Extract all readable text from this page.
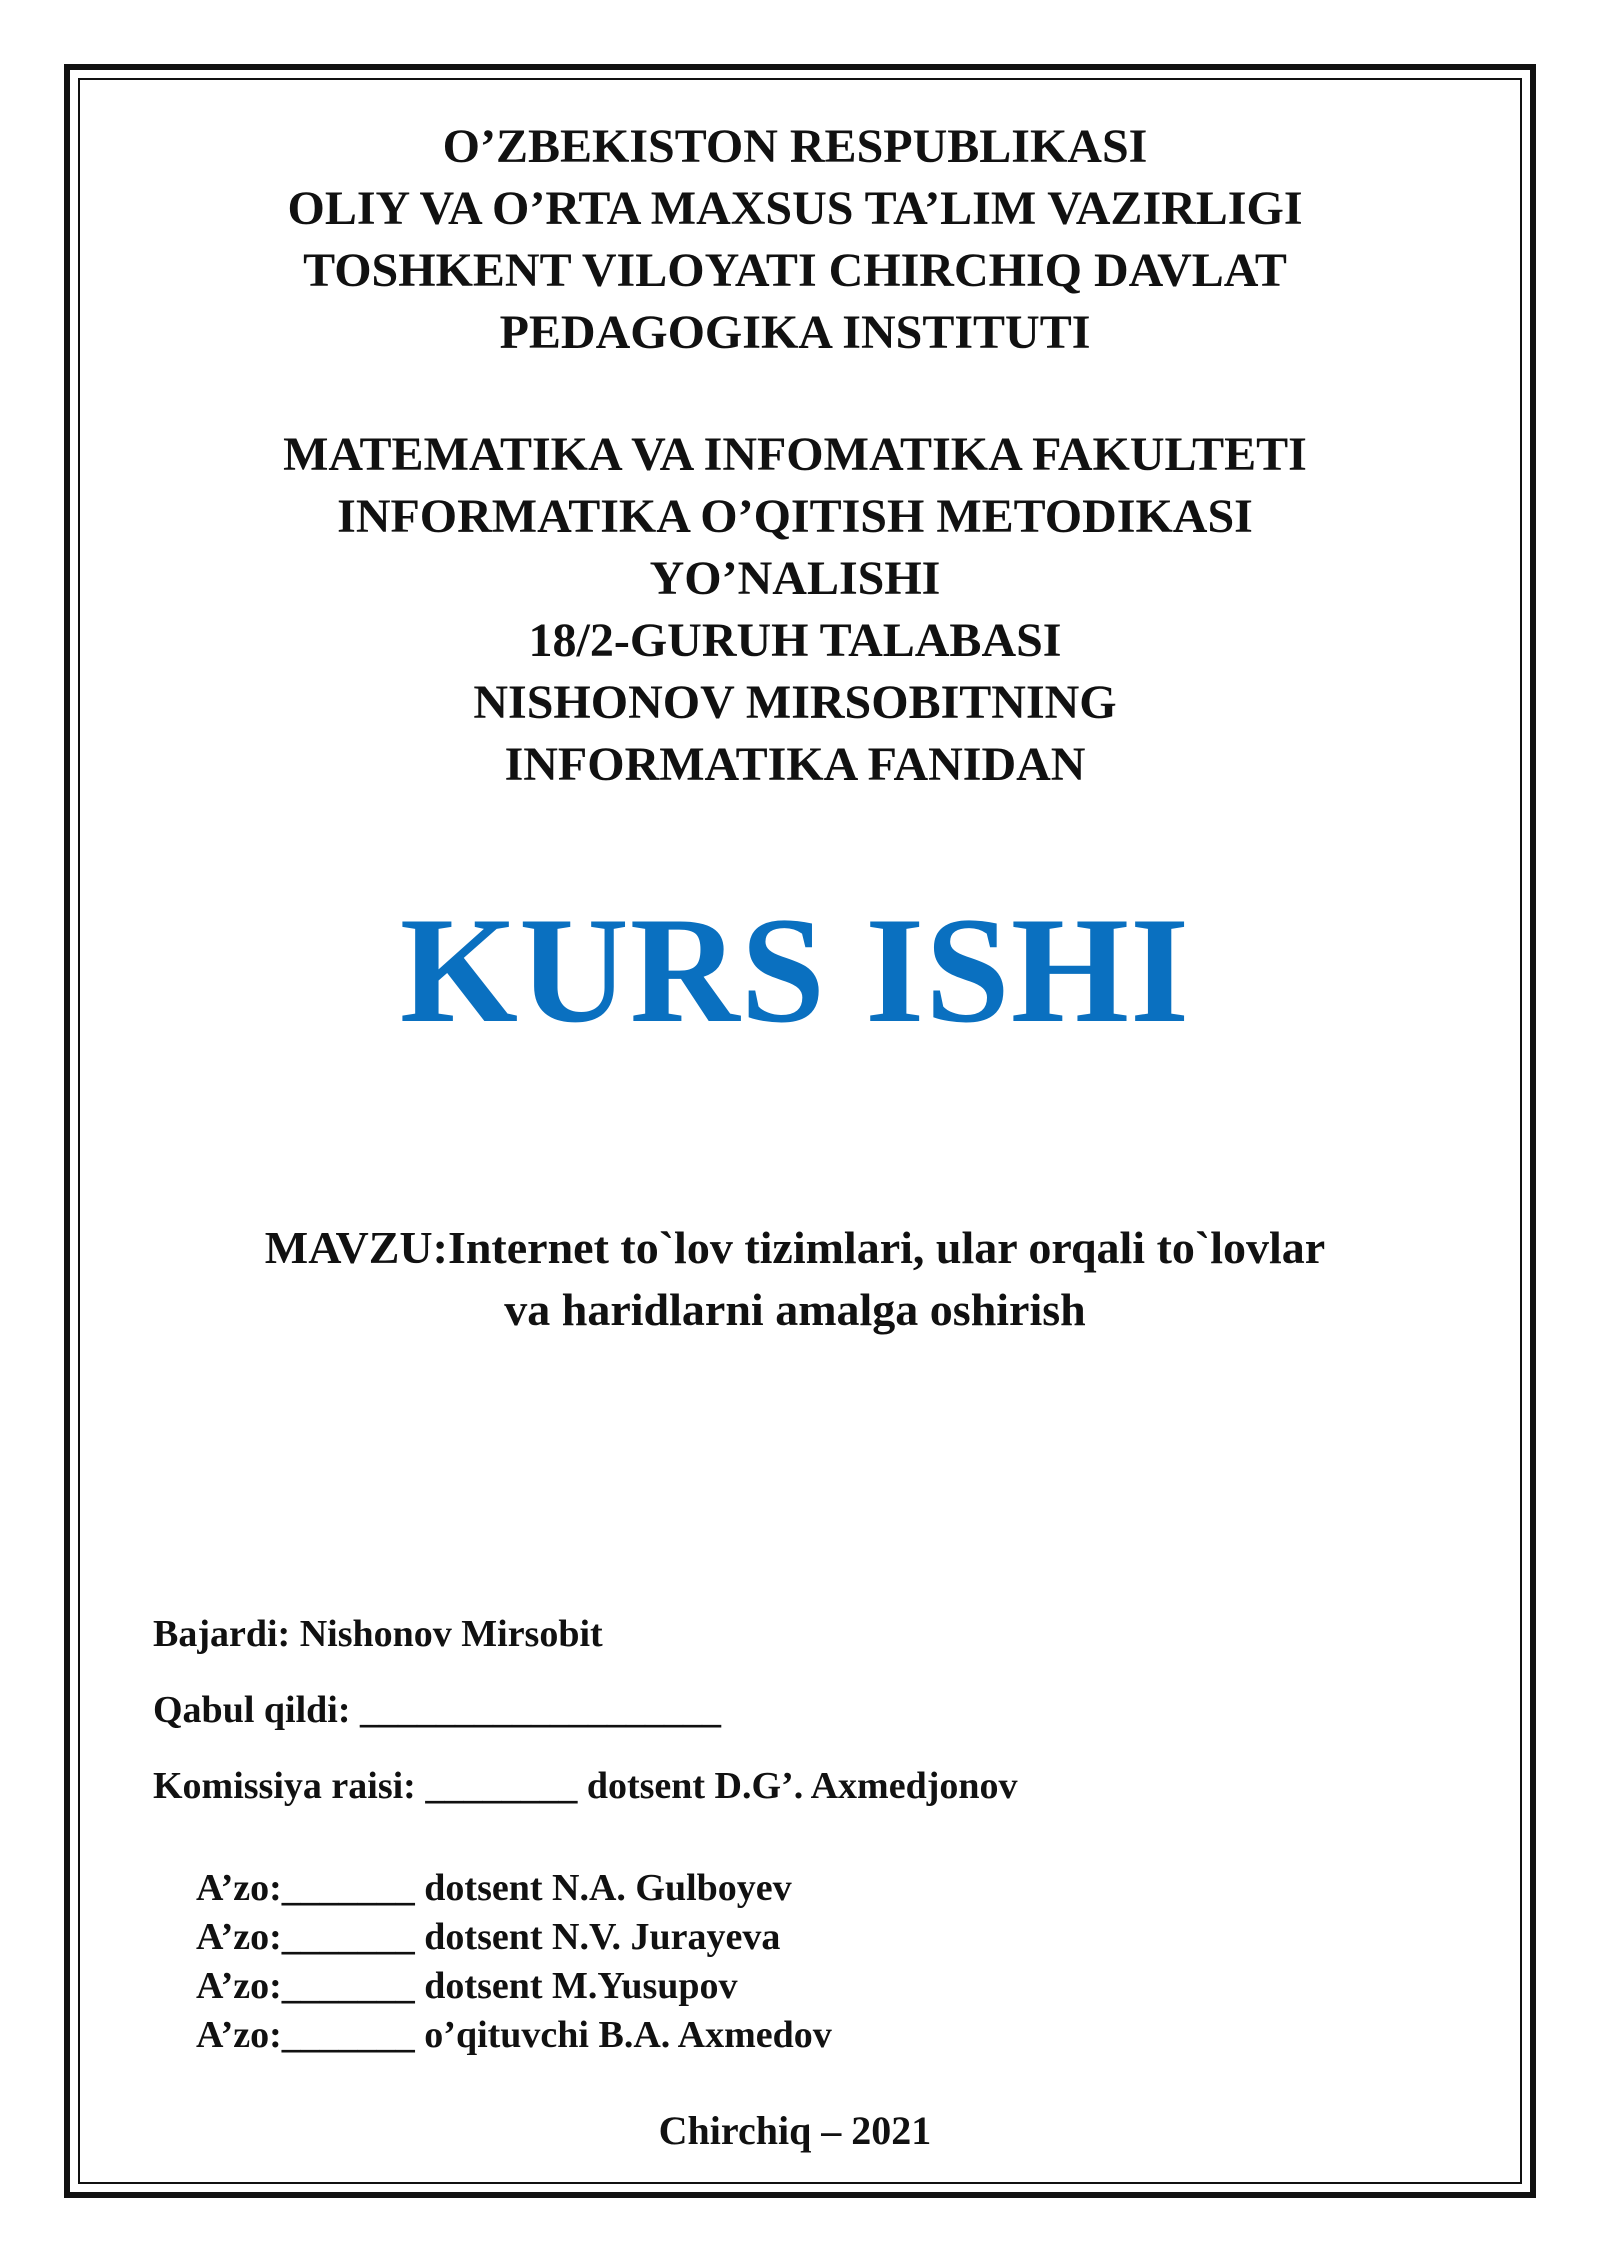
O’ZBEKISTON RESPUBLIKASI
OLIY VA O’RTA MAXSUS TA’LIM VAZIRLIGI
TOSHKENT VILOYATI CHIRCHIQ DAVLAT
PEDAGOGIKA INSTITUTI
MATEMATIKA VA INFOMATIKA FAKULTETI
INFORMATIKA O’QITISH METODIKASI
YO’NALISHI
18/2-GURUH TALABASI
NISHONOV MIRSOBITNING
INFORMATIKA FANIDAN
KURS ISHI
MAVZU:Internet to`lov tizimlari, ular orqali to`lovlar
va haridlarni amalga oshirish
Bajardi: Nishonov Mirsobit
Qabul qildi: ___________________
Komissiya raisi: ________ dotsent D.G’. Axmedjonov
A’zo:_______ dotsent N.A. Gulboyev
A’zo:_______ dotsent N.V. Jurayeva
A’zo:_______ dotsent M.Yusupov
A’zo:_______ o’qituvchi B.A. Axmedov
Chirchiq – 2021
